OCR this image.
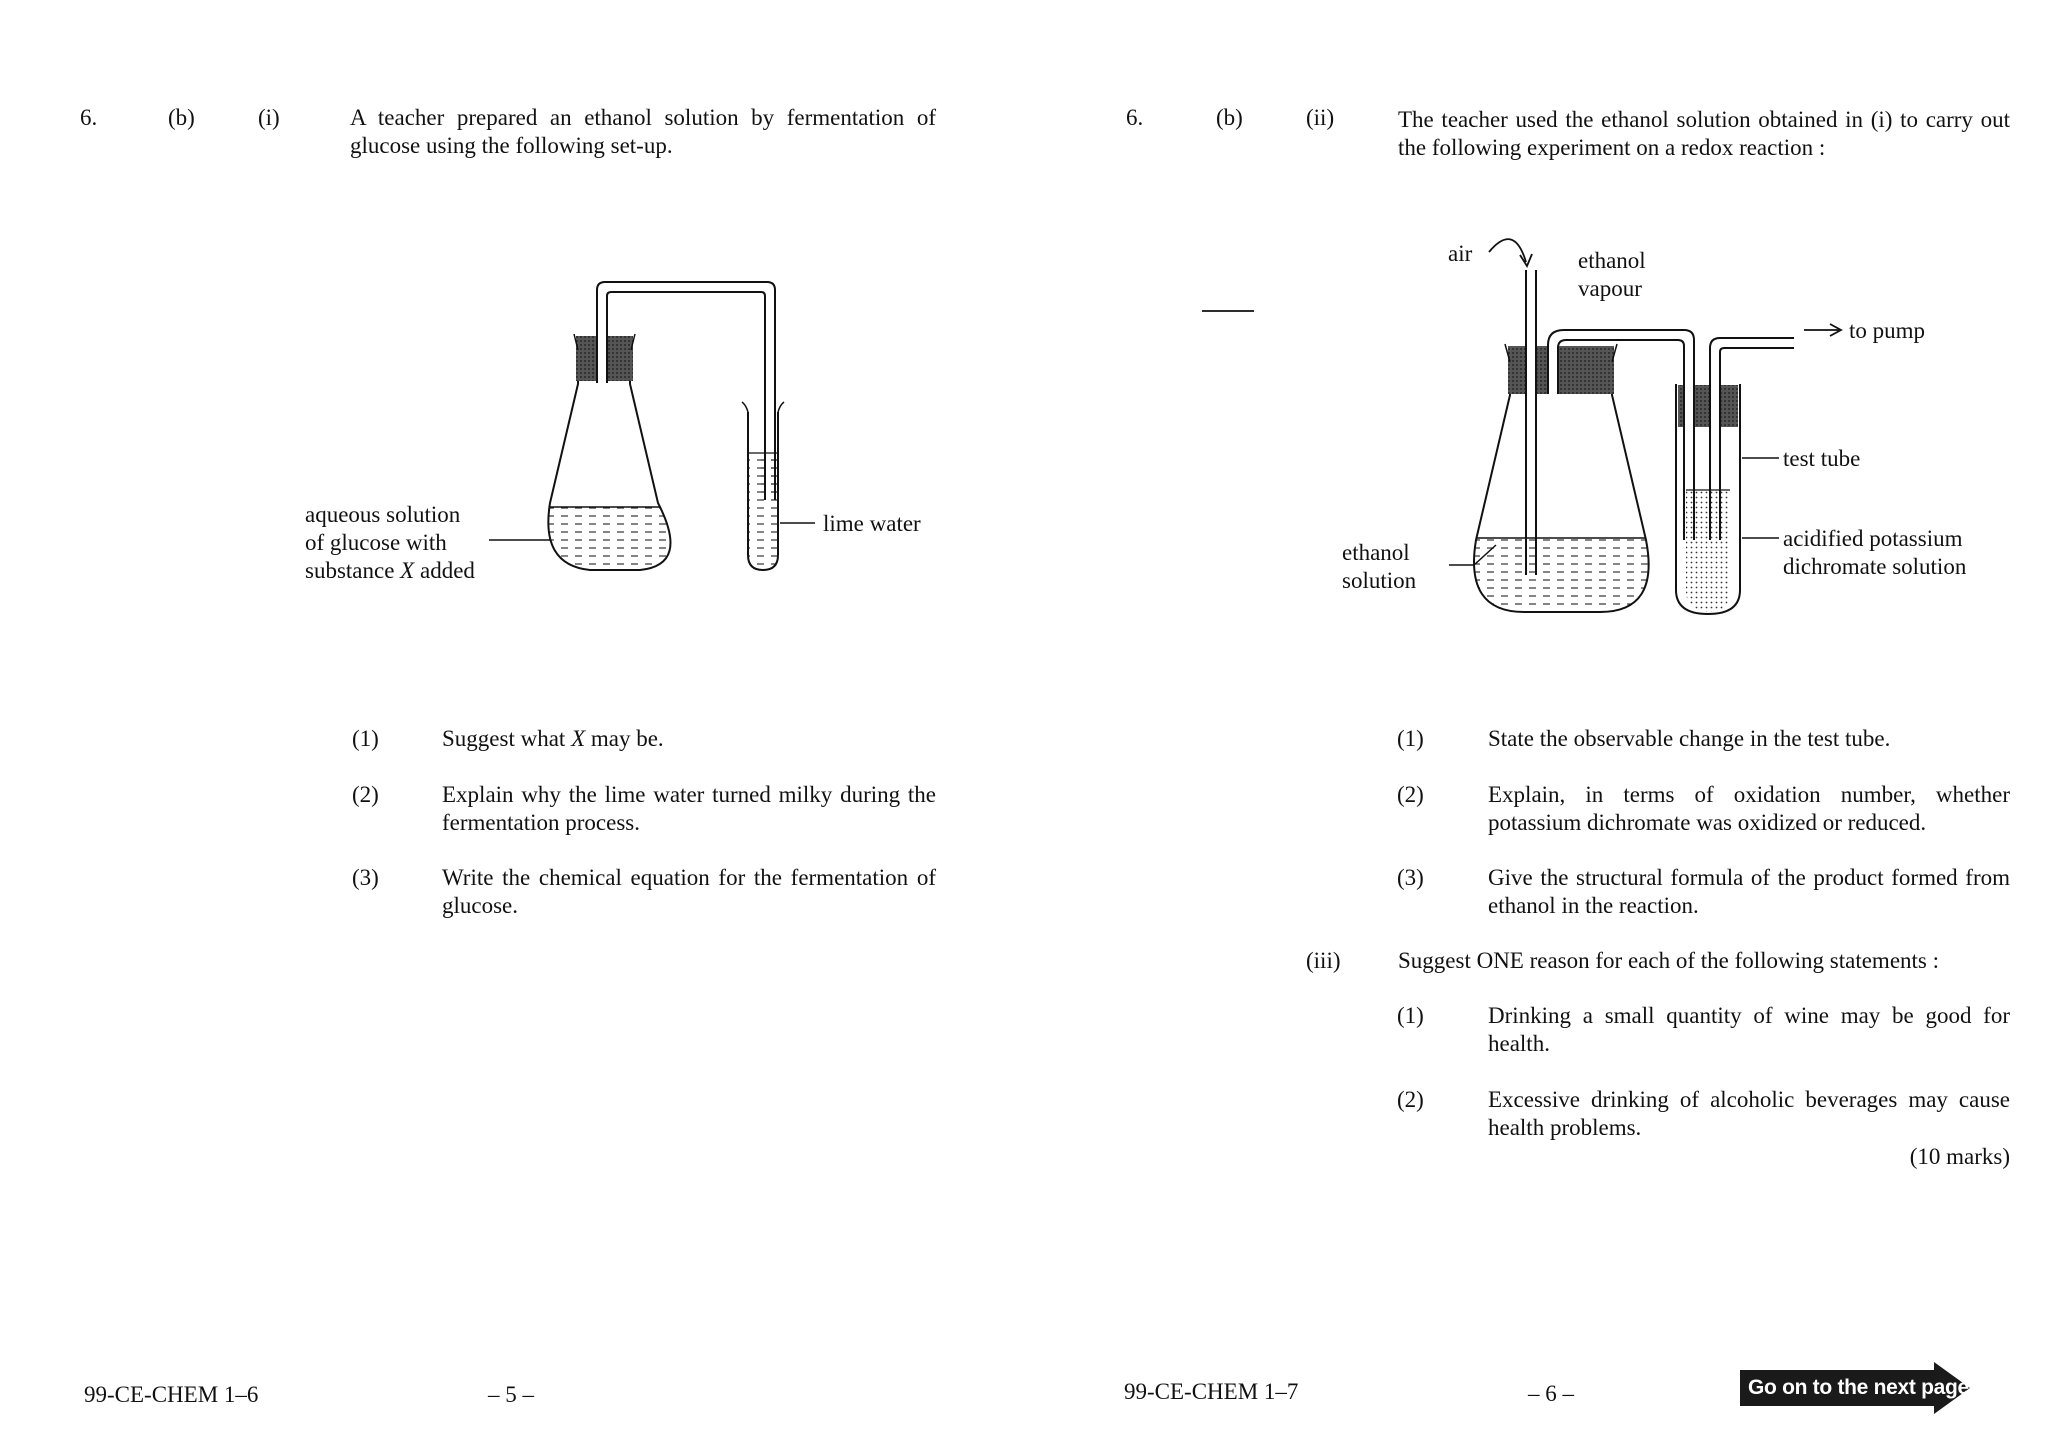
6.	(b)	(i)	A teacher prepared an ethanol solution by fermentation of glucose using the following set-up.
aqueous solution
of glucose with
substance X added
lime water
(1)	Suggest what X may be.
(2)	Explain why the lime water turned milky during the fermentation process.
(3)	Write the chemical equation for the fermentation of glucose.
99-CE-CHEM 1–6	– 5 –
6.	(b)	(ii)	The teacher used the ethanol solution obtained in (i) to carry out the following experiment on a redox reaction :
air	ethanol
vapour
to pump
test tube
acidified potassium
dichromate solution
ethanol
solution
(1)	State the observable change in the test tube.
(2)	Explain, in terms of oxidation number, whether potassium dichromate was oxidized or reduced.
(3)	Give the structural formula of the product formed from ethanol in the reaction.
(iii)	Suggest ONE reason for each of the following statements :
(1)	Drinking a small quantity of wine may be good for health.
(2)	Excessive drinking of alcoholic beverages may cause health problems.
(10 marks)
99-CE-CHEM 1–7	– 6 –	Go on to the next page
